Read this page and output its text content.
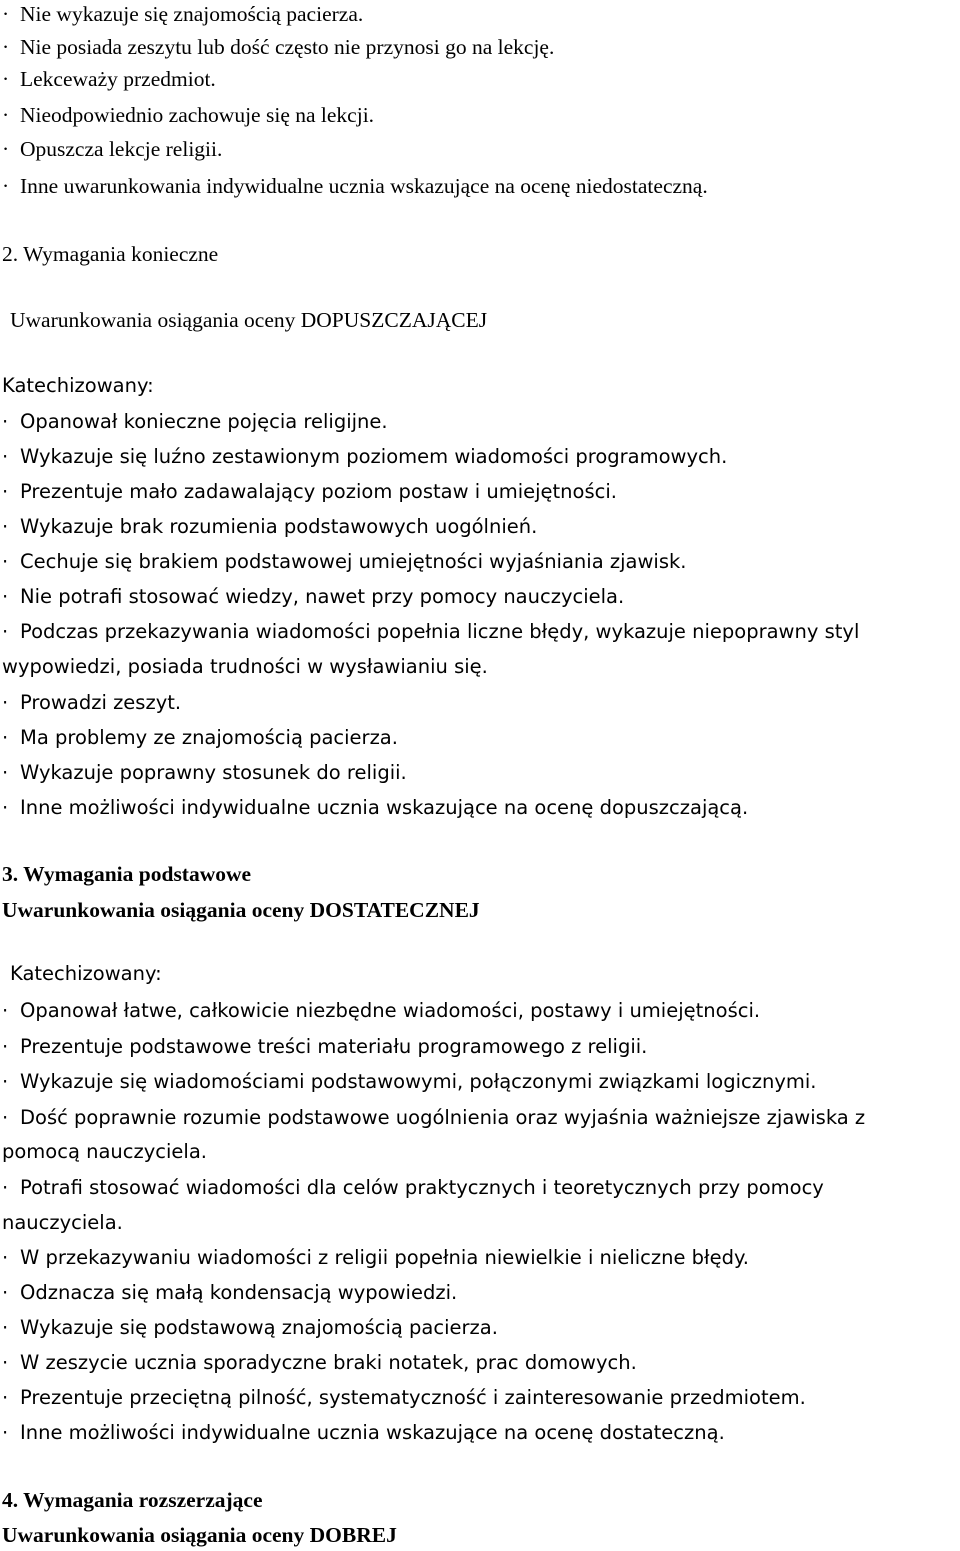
· Nie wykazuje się znajomością pacierza.
· Nie posiada zeszytu lub dość często nie przynosi go na lekcję.
· Lekceważy przedmiot.
· Nieodpowiednio zachowuje się na lekcji.
· Opuszcza lekcje religii.
· Inne uwarunkowania indywidualne ucznia wskazujące na ocenę niedostateczną.
2. Wymagania konieczne
Uwarunkowania osiągania oceny DOPUSZCZAJĄCEJ
Katechizowany:
· Opanował konieczne pojęcia religijne.
· Wykazuje się luźno zestawionym poziomem wiadomości programowych.
· Prezentuje mało zadawalający poziom postaw i umiejętności.
· Wykazuje brak rozumienia podstawowych uogólnień.
· Cechuje się brakiem podstawowej umiejętności wyjaśniania zjawisk.
· Nie potrafi stosować wiedzy, nawet przy pomocy nauczyciela.
· Podczas przekazywania wiadomości popełnia liczne błędy, wykazuje niepoprawny styl
wypowiedzi, posiada trudności w wysławianiu się.
· Prowadzi zeszyt.
· Ma problemy ze znajomością pacierza.
· Wykazuje poprawny stosunek do religii.
· Inne możliwości indywidualne ucznia wskazujące na ocenę dopuszczającą.
3. Wymagania podstawowe
Uwarunkowania osiągania oceny DOSTATECZNEJ
Katechizowany:
· Opanował łatwe, całkowicie niezbędne wiadomości, postawy i umiejętności.
· Prezentuje podstawowe treści materiału programowego z religii.
· Wykazuje się wiadomościami podstawowymi, połączonymi związkami logicznymi.
· Dość poprawnie rozumie podstawowe uogólnienia oraz wyjaśnia ważniejsze zjawiska z
pomocą nauczyciela.
· Potrafi stosować wiadomości dla celów praktycznych i teoretycznych przy pomocy
nauczyciela.
· W przekazywaniu wiadomości z religii popełnia niewielkie i nieliczne błędy.
· Odznacza się małą kondensacją wypowiedzi.
· Wykazuje się podstawową znajomością pacierza.
· W zeszycie ucznia sporadyczne braki notatek, prac domowych.
· Prezentuje przeciętną pilność, systematyczność i zainteresowanie przedmiotem.
· Inne możliwości indywidualne ucznia wskazujące na ocenę dostateczną.
4. Wymagania rozszerzające
Uwarunkowania osiągania oceny DOBREJ
